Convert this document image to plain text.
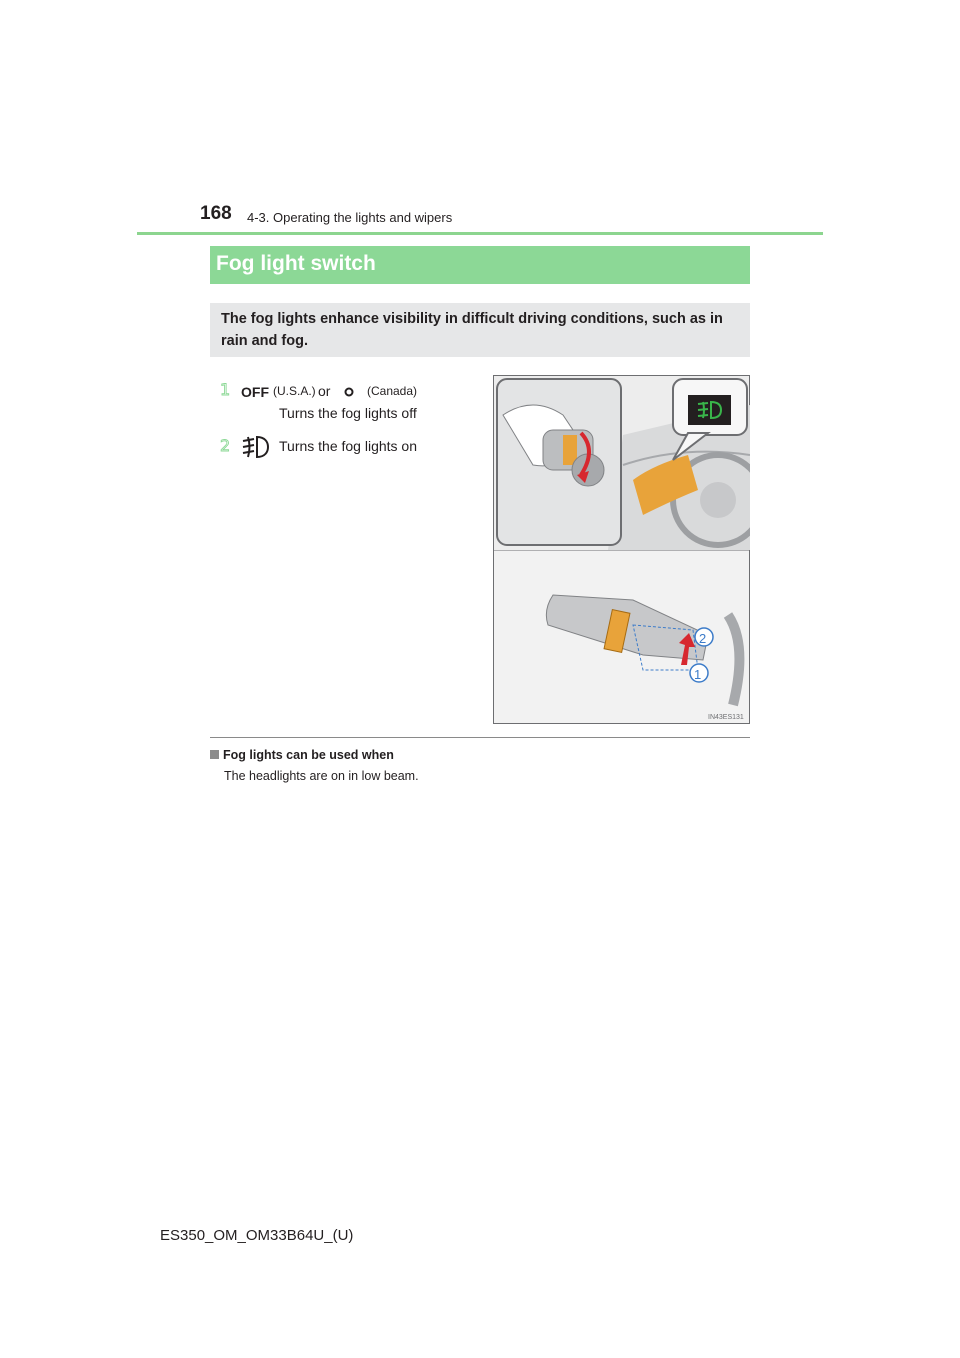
168 4-3. Operating the lights and wipers
Fog light switch
The fog lights enhance visibility in difficult driving conditions, such as in rain and fog.
1 OFF (U.S.A.) or	(Canada)
Turns the fog lights off
2	Turns the fog lights on
2
1
IN43ES131
Fog lights can be used when
The headlights are on in low beam.
ES350_OM_OM33B64U_(U)
